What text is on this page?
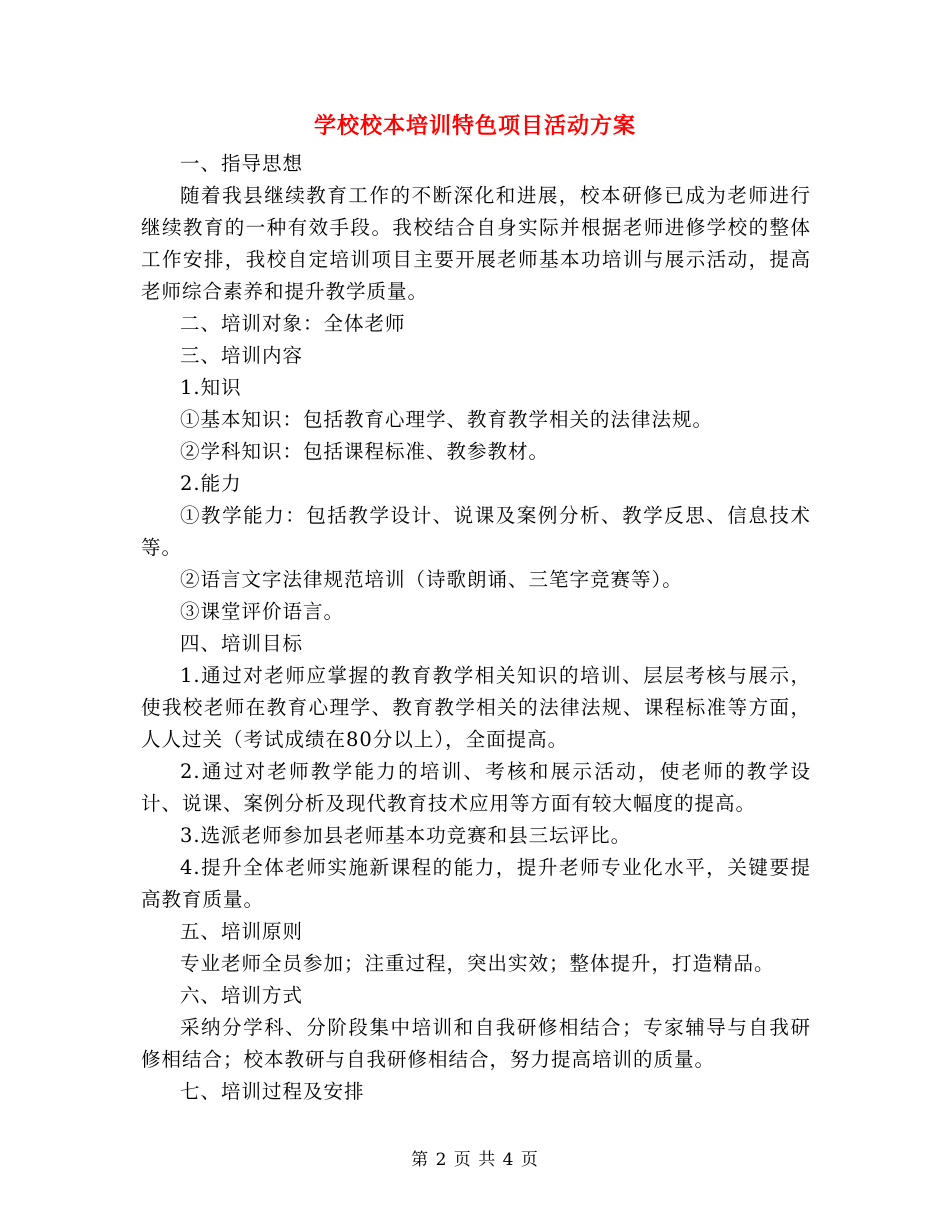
学校校本培训特色项目活动方案

一、指导思想

随着我县继续教育工作的不断深化和进展，校本研修已成为老师进行继续教育的一种有效手段。我校结合自身实际并根据老师进修学校的整体工作安排，我校自定培训项目主要开展老师基本功培训与展示活动，提高老师综合素养和提升教学质量。

二、培训对象：全体老师

三、培训内容

1.知识

①基本知识：包括教育心理学、教育教学相关的法律法规。

②学科知识：包括课程标准、教参教材。

2.能力

①教学能力：包括教学设计、说课及案例分析、教学反思、信息技术等。

②语言文字法律规范培训（诗歌朗诵、三笔字竞赛等）。

③课堂评价语言。

四、培训目标

1.通过对老师应掌握的教育教学相关知识的培训、层层考核与展示，使我校老师在教育心理学、教育教学相关的法律法规、课程标准等方面，人人过关（考试成绩在80分以上），全面提高。

2.通过对老师教学能力的培训、考核和展示活动，使老师的教学设计、说课、案例分析及现代教育技术应用等方面有较大幅度的提高。

3.选派老师参加县老师基本功竞赛和县三坛评比。

4.提升全体老师实施新课程的能力，提升老师专业化水平，关键要提高教育质量。

五、培训原则

专业老师全员参加；注重过程，突出实效；整体提升，打造精品。

六、培训方式

采纳分学科、分阶段集中培训和自我研修相结合；专家辅导与自我研修相结合；校本教研与自我研修相结合，努力提高培训的质量。

七、培训过程及安排

第 2 页 共 4 页
